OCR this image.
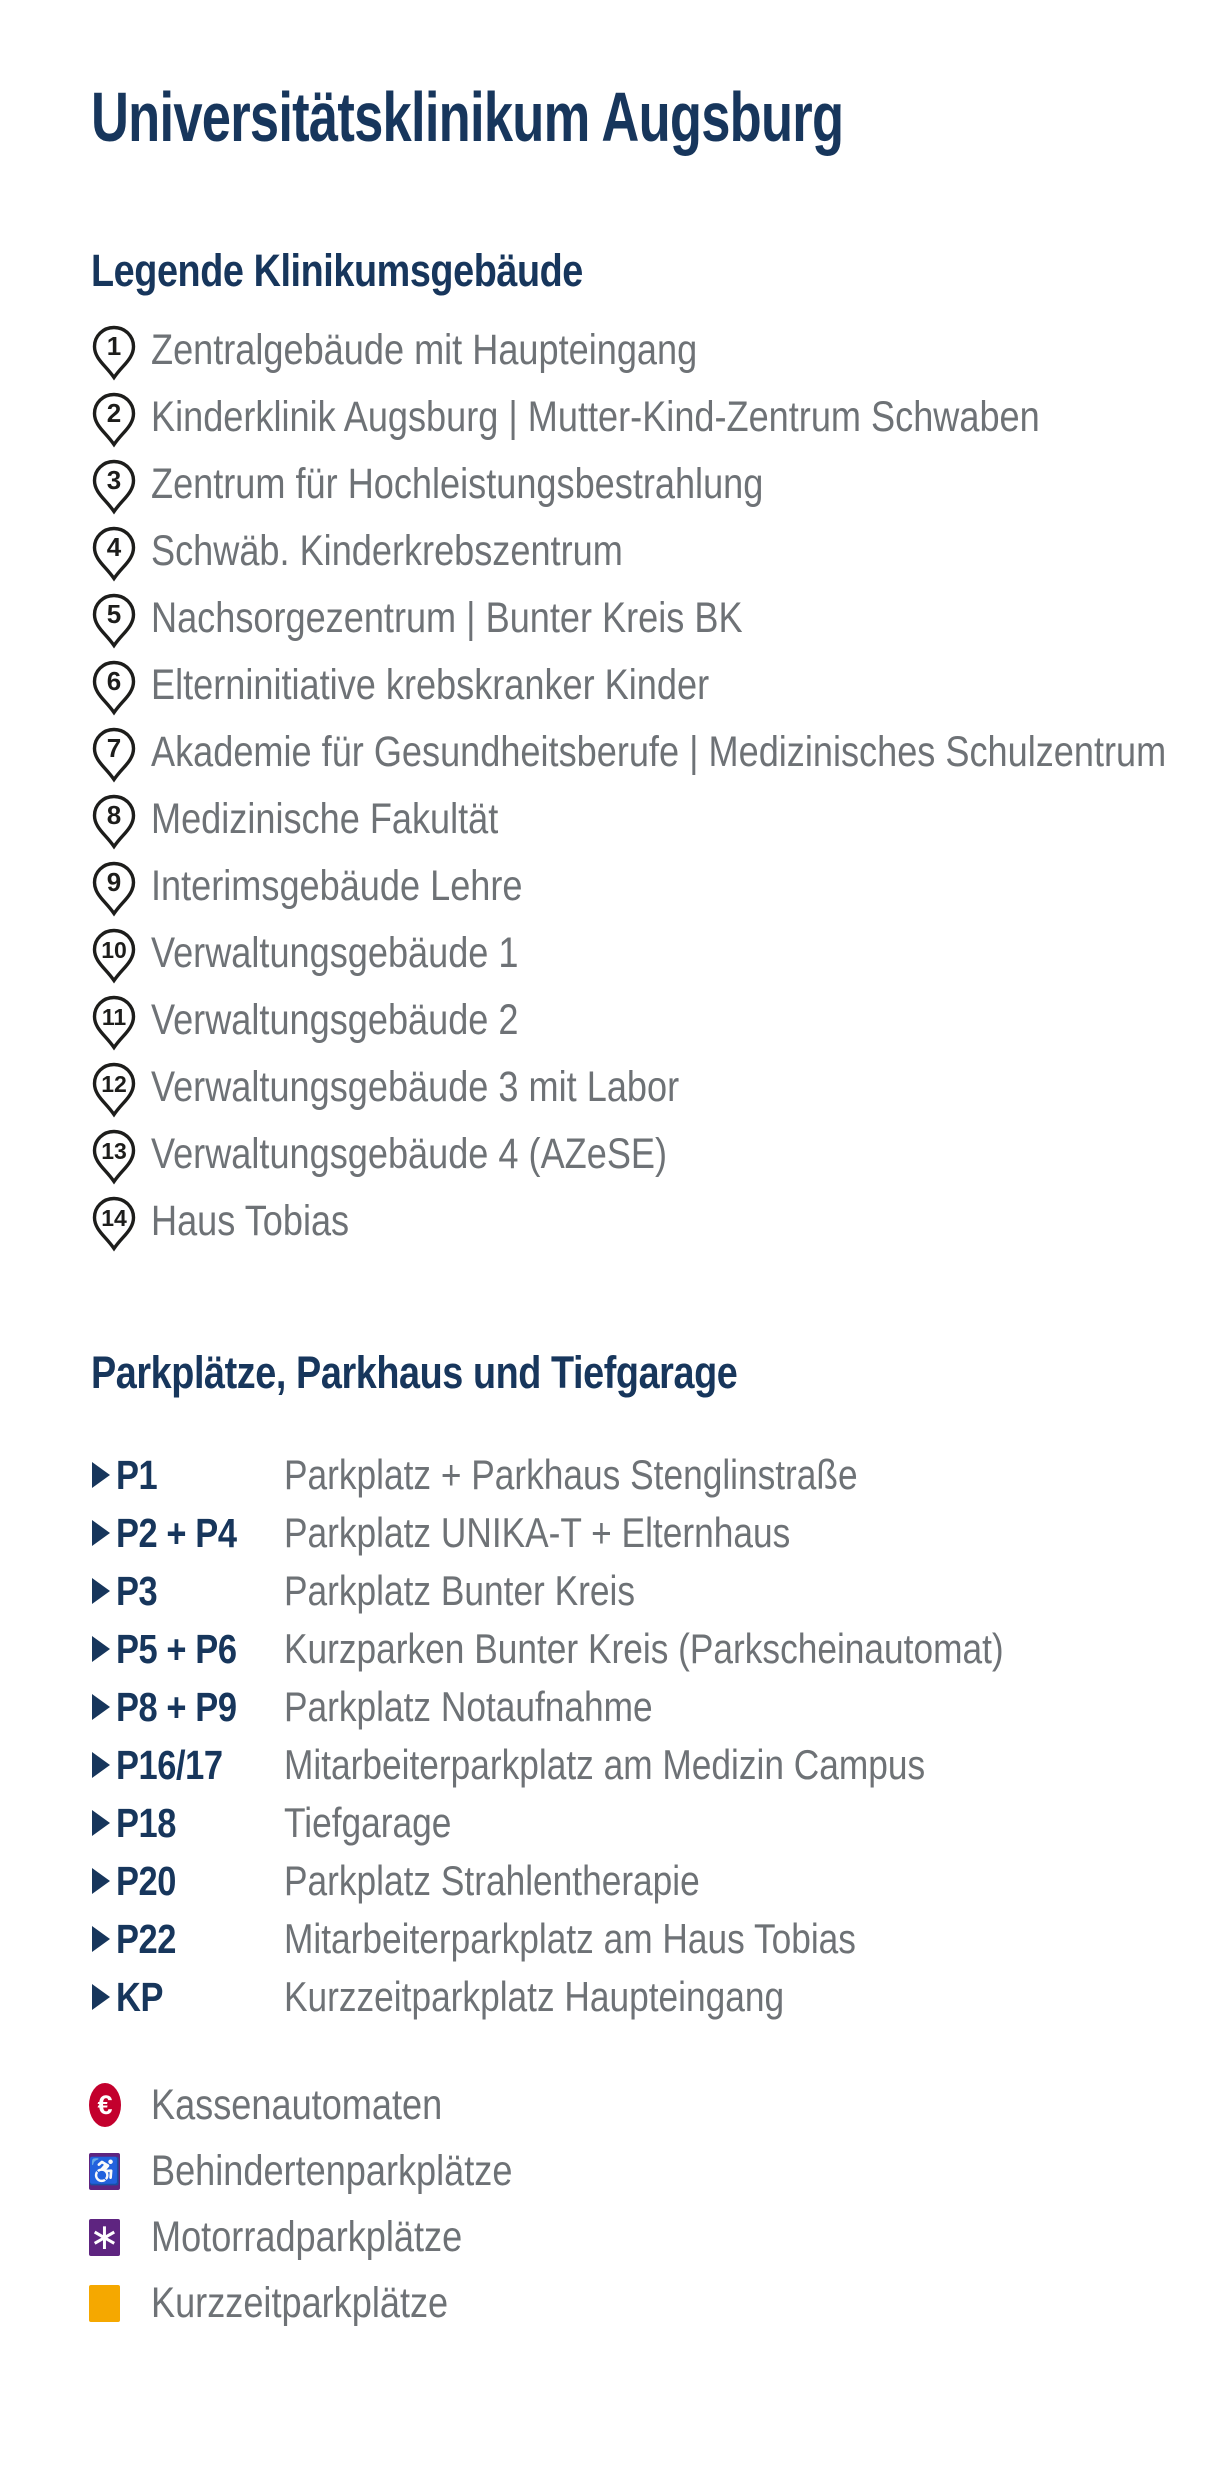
Universitätsklinikum Augsburg
Legende Klinikumsgebäude
1 Zentralgebäude mit Haupteingang
2 Kinderklinik Augsburg | Mutter-Kind-Zentrum Schwaben
3 Zentrum für Hochleistungsbestrahlung
4 Schwäb. Kinderkrebszentrum
5 Nachsorgezentrum | Bunter Kreis BK
6 Elterninitiative krebskranker Kinder
7 Akademie für Gesundheitsberufe | Medizinisches Schulzentrum
8 Medizinische Fakultät
9 Interimsgebäude Lehre
10 Verwaltungsgebäude 1
11 Verwaltungsgebäude 2
12 Verwaltungsgebäude 3 mit Labor
13 Verwaltungsgebäude 4 (AZeSE)
14 Haus Tobias
Parkplätze, Parkhaus und Tiefgarage
P1	Parkplatz + Parkhaus Stenglinstraße
P2 + P4	Parkplatz UNIKA-T + Elternhaus
P3	Parkplatz Bunter Kreis
P5 + P6	Kurzparken Bunter Kreis (Parkscheinautomat)
P8 + P9	Parkplatz Notaufnahme
P16/17	Mitarbeiterparkplatz am Medizin Campus
P18	Tiefgarage
P20	Parkplatz Strahlentherapie
P22	Mitarbeiterparkplatz am Haus Tobias
KP	Kurzzeitparkplatz Haupteingang
€ Kassenautomaten
♿ Behindertenparkplätze
∗ Motorradparkplätze
Kurzzeitparkplätze
